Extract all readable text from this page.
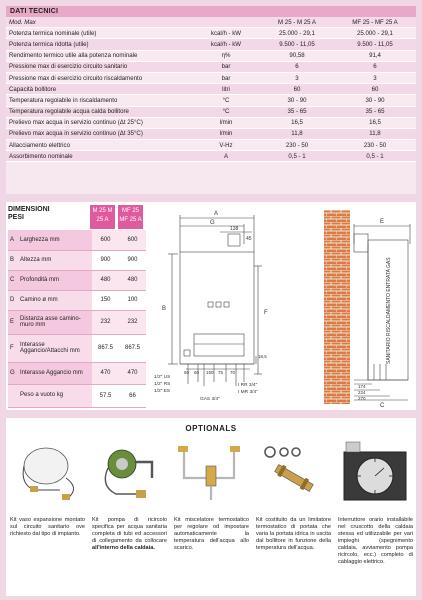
DATI TECNICI
Mod. Max		M 25 - M 25 A	MF 25 - MF 25 A
Potenza termica nominale (utile)	kcal/h - kW	25.000 - 29,1	25.000 - 29,1
Potenza termica ridotta (utile)	kcal/h - kW	9.500 - 11,05	9.500 - 11,05
Rendimento termico utile alla potenza nominale	η%	90,58	91,4
Pressione max di esercizio circuito sanitario	bar	6	6
Pressione max di esercizio circuito riscaldamento	bar	3	3
Capacità bollitore	litri	60	60
Temperatura regolabile in riscaldamento	°C	30 - 90	30 - 90
Temperatura regolabile acqua calda bollitore	°C	35 - 65	35 - 65
Prelievo max acqua in servizio continuo (Δt 25°C)	l/min	16,5	16,5
Prelievo max acqua in servizio continuo (Δt 35°C)	l/min	11,8	11,8
Allacciamento elettrico	V-Hz	230 - 50	230 - 50
Assorbimento nominale	A	0,5 - 1	0,5 - 1
DIMENSIONI
PESI
M 25 M 25 A
MF 25
MF 25 A
A	Larghezza mm	600	600
B	Altezza mm	900	900
C	Profondità mm	480	480
D	Camino ø mm	150	100
E	Distanza asse camino-muro mm	232	232
F	Interasse Aggancio/Attacchi mm	867.5	867.5
G	Interasse Aggancio mm	470	470
	Peso a vuoto kg	57.5	66
A
G
138
45
B
F
18,5
50 60 150 75 70
1/2" US
1/2" RS
1/2" ES
GAS 3/4"
I RR 3/4"
I MR 3/4"
E
C
174
224
270
SANITARIO RISCALDAMENTO ENTRATA GAS
OPTIONALS
Kit vaso espansione montato sul circuito sanitario ove richiesto dal tipo di impianto.
Kit pompa di ricircolo specifica per acqua sanitaria completa di tubi ed accessori di collegamento da collocare all'interno della caldaia.
Kit miscelatore termostatico per regolare od impostare automaticamente la temperatura dell'acqua allo scarico.
Kit costituito da un limitatore termostatico di portata che varia la portata idrica in uscita dal bollitore in funzione della temperatura dell'acqua.
Interruttore orario installabile nel cruscotto della caldaia stessa ed utilizzabile per vari impieghi (spegnimento caldaia, avviamento pompa ricircolo, ecc.) completo di cablaggio elettrico.
